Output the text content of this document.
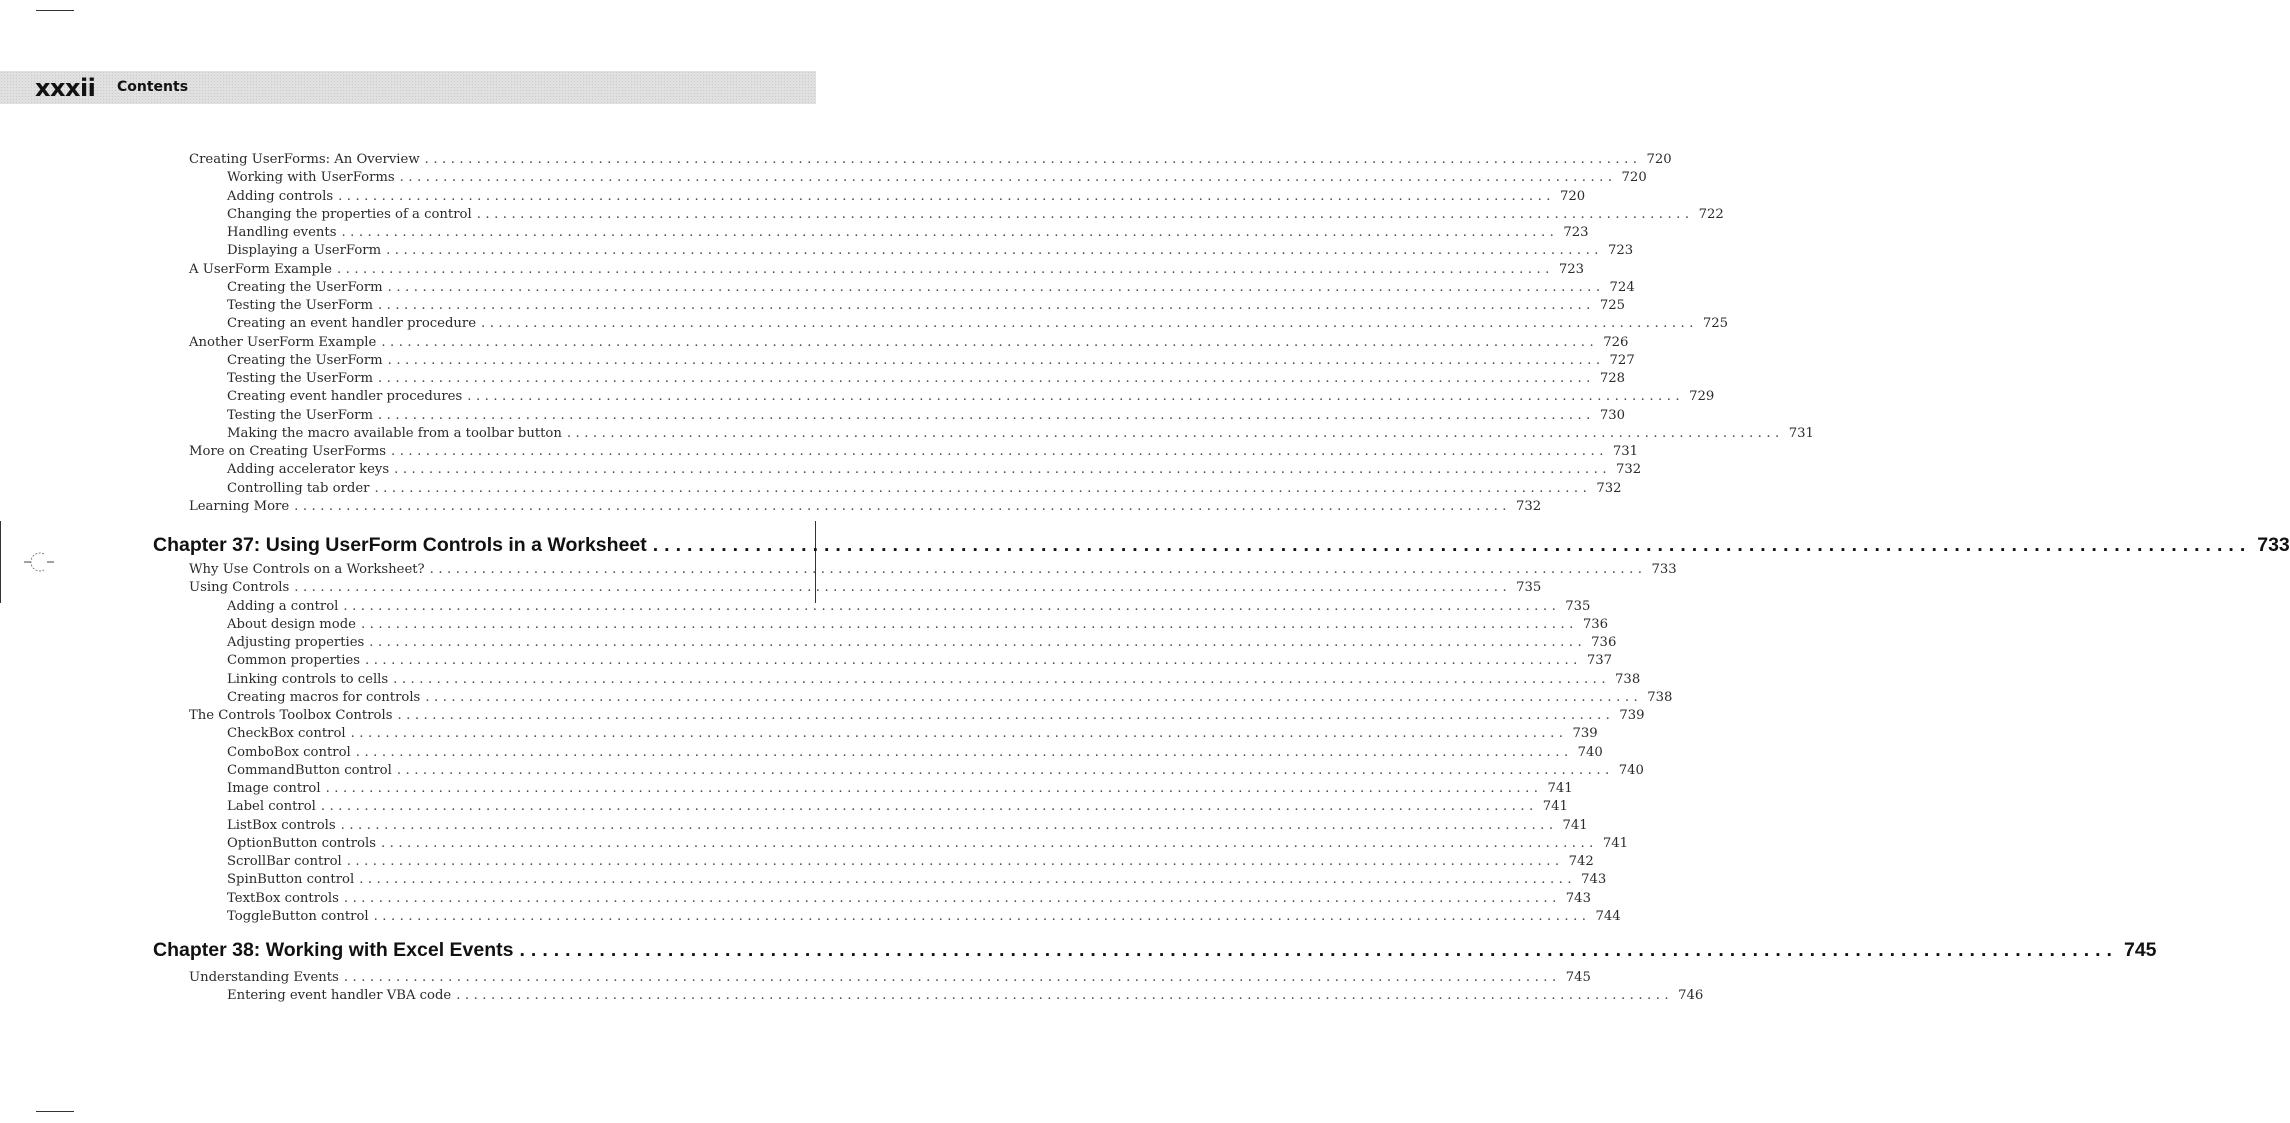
xxxii Contents
Creating UserForms: An Overview ............................................................................................................................................ 720
Working with UserForms ............................................................................................................................................ 720
Adding controls ............................................................................................................................................ 720
Changing the properties of a control ............................................................................................................................................ 722
Handling events ............................................................................................................................................ 723
Displaying a UserForm ............................................................................................................................................ 723
A UserForm Example ............................................................................................................................................ 723
Creating the UserForm ............................................................................................................................................ 724
Testing the UserForm ............................................................................................................................................ 725
Creating an event handler procedure ............................................................................................................................................ 725
Another UserForm Example ............................................................................................................................................ 726
Creating the UserForm ............................................................................................................................................ 727
Testing the UserForm ............................................................................................................................................ 728
Creating event handler procedures ............................................................................................................................................ 729
Testing the UserForm ............................................................................................................................................ 730
Making the macro available from a toolbar button ............................................................................................................................................ 731
More on Creating UserForms ............................................................................................................................................ 731
Adding accelerator keys ............................................................................................................................................ 732
Controlling tab order ............................................................................................................................................ 732
Learning More ............................................................................................................................................ 732
Chapter 37: Using UserForm Controls in a Worksheet ............................................................................................................................................ 733
Why Use Controls on a Worksheet? ............................................................................................................................................ 733
Using Controls ............................................................................................................................................ 735
Adding a control ............................................................................................................................................ 735
About design mode ............................................................................................................................................ 736
Adjusting properties ............................................................................................................................................ 736
Common properties ............................................................................................................................................ 737
Linking controls to cells ............................................................................................................................................ 738
Creating macros for controls ............................................................................................................................................ 738
The Controls Toolbox Controls ............................................................................................................................................ 739
CheckBox control ............................................................................................................................................ 739
ComboBox control ............................................................................................................................................ 740
CommandButton control ............................................................................................................................................ 740
Image control ............................................................................................................................................ 741
Label control ............................................................................................................................................ 741
ListBox controls ............................................................................................................................................ 741
OptionButton controls ............................................................................................................................................ 741
ScrollBar control ............................................................................................................................................ 742
SpinButton control ............................................................................................................................................ 743
TextBox controls ............................................................................................................................................ 743
ToggleButton control ............................................................................................................................................ 744
Chapter 38: Working with Excel Events ............................................................................................................................................ 745
Understanding Events ............................................................................................................................................ 745
Entering event handler VBA code ............................................................................................................................................ 746
